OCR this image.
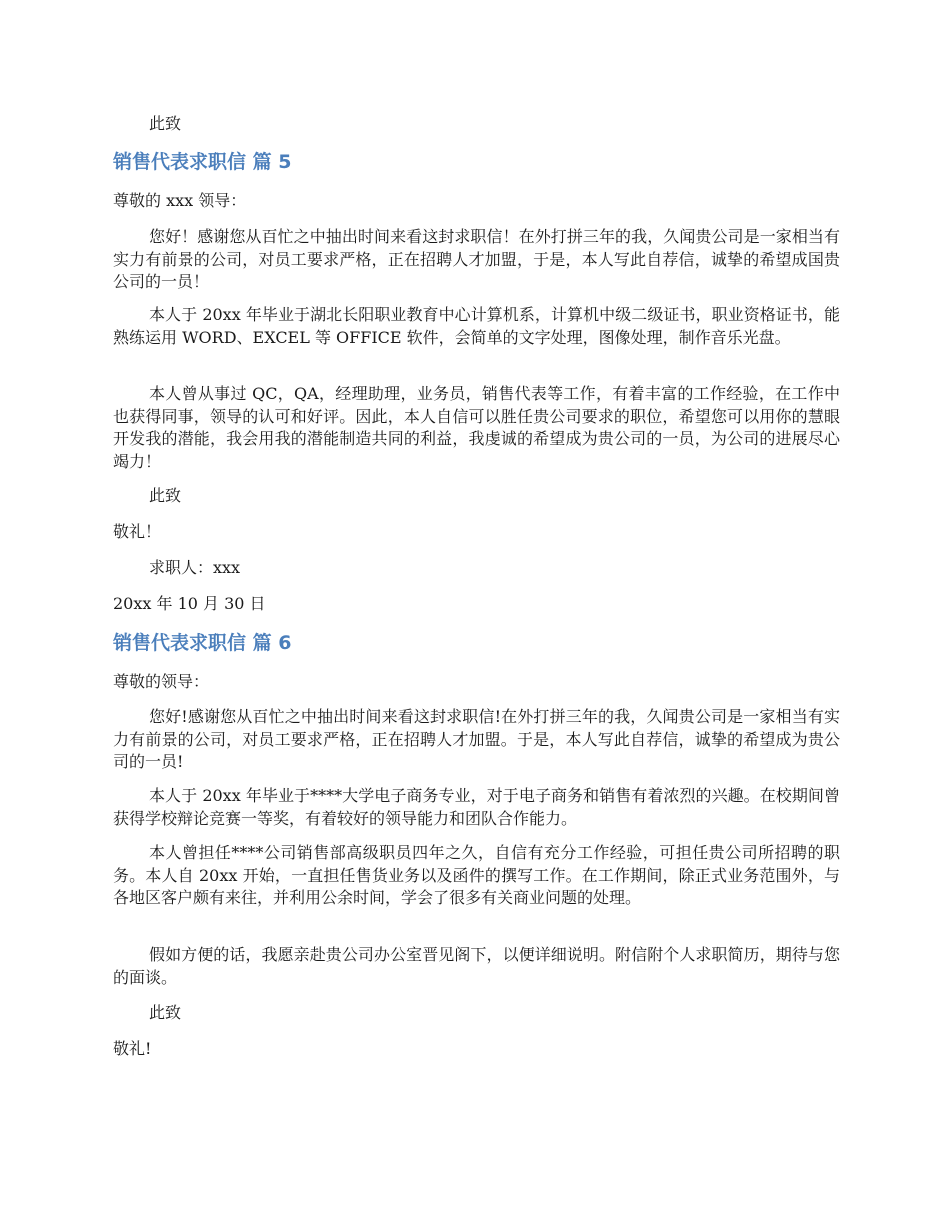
此致

销售代表求职信 篇 5

尊敬的 xxx 领导：

您好！感谢您从百忙之中抽出时间来看这封求职信！在外打拼三年的我，久闻贵公司是一家相当有实力有前景的公司，对员工要求严格，正在招聘人才加盟，于是，本人写此自荐信，诚挚的希望成国贵公司的一员！

本人于 20xx 年毕业于湖北长阳职业教育中心计算机系，计算机中级二级证书，职业资格证书，能熟练运用 WORD、EXCEL 等 OFFICE 软件，会简单的文字处理，图像处理，制作音乐光盘。

本人曾从事过 QC，QA，经理助理，业务员，销售代表等工作，有着丰富的工作经验，在工作中也获得同事，领导的认可和好评。因此，本人自信可以胜任贵公司要求的职位，希望您可以用你的慧眼开发我的潜能，我会用我的潜能制造共同的利益，我虔诚的希望成为贵公司的一员，为公司的进展尽心竭力！

此致

敬礼！

求职人：xxx

20xx 年 10 月 30 日

销售代表求职信 篇 6

尊敬的领导：

您好!感谢您从百忙之中抽出时间来看这封求职信!在外打拼三年的我，久闻贵公司是一家相当有实力有前景的公司，对员工要求严格，正在招聘人才加盟。于是，本人写此自荐信，诚挚的希望成为贵公司的一员!

本人于 20xx 年毕业于****大学电子商务专业，对于电子商务和销售有着浓烈的兴趣。在校期间曾获得学校辩论竞赛一等奖，有着较好的领导能力和团队合作能力。

本人曾担任****公司销售部高级职员四年之久，自信有充分工作经验，可担任贵公司所招聘的职务。本人自 20xx 开始，一直担任售货业务以及函件的撰写工作。在工作期间，除正式业务范围外，与各地区客户颇有来往，并利用公余时间，学会了很多有关商业问题的处理。

假如方便的话，我愿亲赴贵公司办公室晋见阁下，以便详细说明。附信附个人求职简历，期待与您的面谈。

此致

敬礼!
